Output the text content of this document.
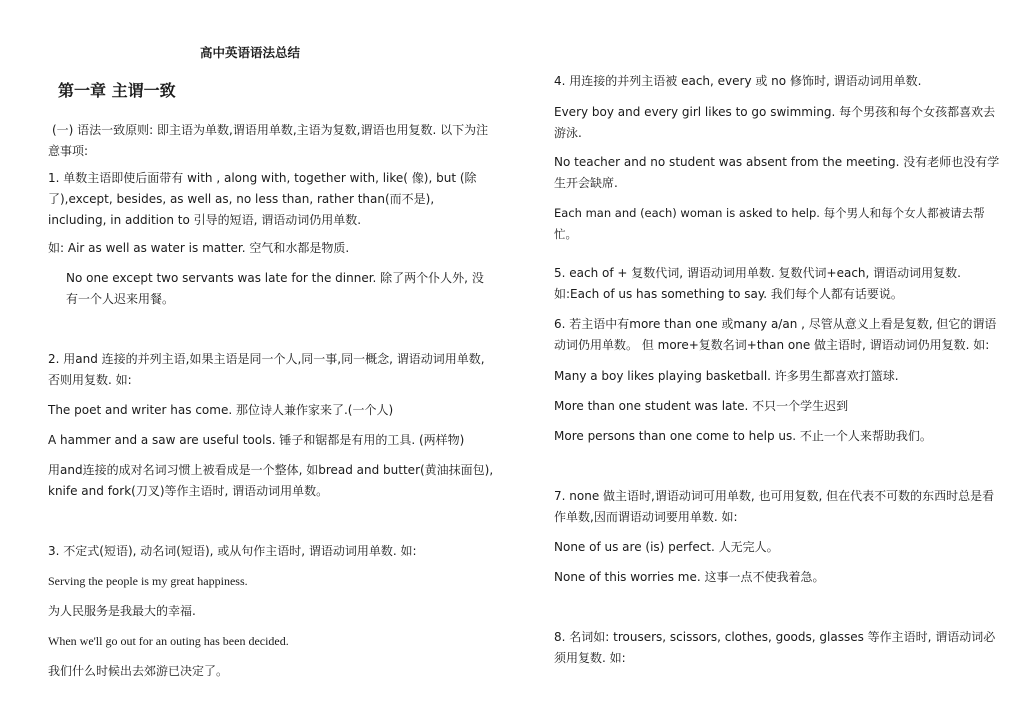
高中英语语法总结

第一章 主谓一致

(一) 语法一致原则: 即主语为单数,谓语用单数,主语为复数,谓语也用复数. 以下为注意事项:

1. 单数主语即使后面带有 with , along with, together with, like( 像), but (除了),except, besides, as well as, no less than, rather than(而不是), including, in addition to 引导的短语, 谓语动词仍用单数.

如: Air as well as water is matter. 空气和水都是物质.

No one except two servants was late for the dinner. 除了两个仆人外, 没有一个人迟来用餐。

2. 用and 连接的并列主语,如果主语是同一个人,同一事,同一概念, 谓语动词用单数, 否则用复数. 如:

The poet and writer has come. 那位诗人兼作家来了.(一个人)

A hammer and a saw are useful tools. 锤子和锯都是有用的工具. (两样物)

用and连接的成对名词习惯上被看成是一个整体, 如bread and butter(黄油抹面包), knife and fork(刀叉)等作主语时, 谓语动词用单数。

3. 不定式(短语), 动名词(短语), 或从句作主语时, 谓语动词用单数. 如:

Serving the people is my great happiness.

为人民服务是我最大的幸福.

When we'll go out for an outing has been decided.

我们什么时候出去郊游已决定了。

4. 用连接的并列主语被 each, every 或 no 修饰时, 谓语动词用单数.

Every boy and every girl likes to go swimming. 每个男孩和每个女孩都喜欢去游泳.

No teacher and no student was absent from the meeting. 没有老师也没有学生开会缺席.

Each man and (each) woman is asked to help. 每个男人和每个女人都被请去帮忙。

5. each of + 复数代词, 谓语动词用单数. 复数代词+each, 谓语动词用复数. 如:Each of us has something to say. 我们每个人都有话要说。

6. 若主语中有more than one 或many a/an , 尽管从意义上看是复数, 但它的谓语动词仍用单数。 但 more+复数名词+than one 做主语时, 谓语动词仍用复数. 如:

Many a boy likes playing basketball. 许多男生都喜欢打篮球.

More than one student was late. 不只一个学生迟到

More persons than one come to help us. 不止一个人来帮助我们。

7. none 做主语时,谓语动词可用单数, 也可用复数, 但在代表不可数的东西时总是看作单数,因而谓语动词要用单数. 如:

None of us are (is) perfect. 人无完人。

None of this worries me. 这事一点不使我着急。

8. 名词如: trousers, scissors, clothes, goods, glasses 等作主语时, 谓语动词必须用复数. 如:
